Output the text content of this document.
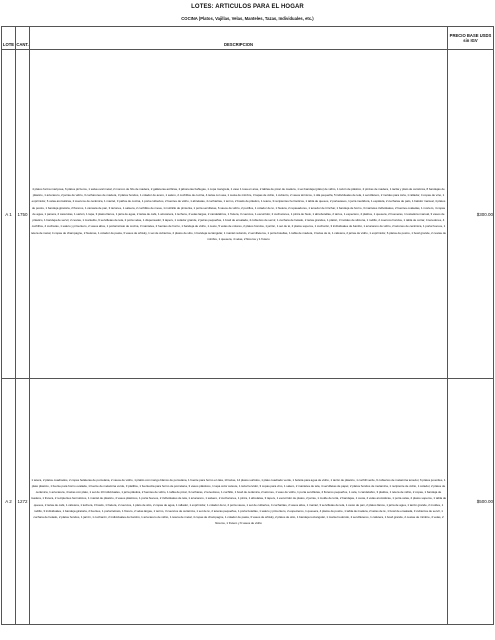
LOTES: ARTICULOS PARA EL HOGAR
COCINA (Platos, Vajillas, Velas, Manteles, Tazas, Individuales, etc.)
LOTE	CANT.	DESCRIPCION	PRECIO BASE USDS sin IGV
A 1	1750	4 platos forma mariposa, 6 platos pizzeros, 1 salsa oval metal, 2 moroco de hilo de madera, 2 galleteras acrilicas, 2 jaboneras bañugas, 1 copa mangrela, 1 vaso 1 tusa en aras, 2 tablas de picar de madera, 1 set bandeja (plato) de vidrio, 1 tazón de plástico, 2 pinzas de madera, 1 tacita y plato de cerámica, 8 bandejas de plástico, 1 azucarero, 2 jarras de vidrio, 3 cucharones de madera, 3 platos hondos, 1 colador de acero, 1 salero, 2 cuchillos de cocina, 4 tazas con asa, 1 cesta de mimbre, 3 tapas de vidrio, 1 cubierto, 2 vasos térmicos, 1 olla pequeña, 5 individuales de tela, 1 servilletero, 2 moldes para torta, 1 rallador, 4 copas de vino, 1 exprimidor, 6 velas aromáticas, 2 cuencos de cerámica, 1 mantel, 3 paños de cocina, 1 porta cubiertos, 2 fuentes de vidrio, 1 abrelatas, 4 cucharitas, 1 termo, 2 bowls de plástico, 1 tetera, 3 recipientes herméticos, 1 tabla de quesos, 2 portavasos, 1 jarra medidora, 1 espátula, 2 cucharas de palo, 1 batidor manual, 4 platos de postre, 1 bandeja giratoria, 2 floreros, 1 canasta de pan, 3 tazones, 1 salsera, 2 cuchillos de mesa, 1 molinillo de pimienta, 1 porta servilletas, 6 vasos de vidrio, 2 pocillos, 1 colador de té, 1 hielera, 2 repasadores, 1 tenedor de trinchar, 1 bandeja de horno, 3 manteles individuales, 2 fuentes ovaladas, 1 mortero, 4 copas de agua, 1 panera, 2 cacerolas, 1 sartén, 1 tapa, 3 platos llanos, 1 jarra de agua, 2 tazas de café, 1 azucarera, 1 lechera, 4 velas largas, 2 candelabros, 1 frutera, 3 cuencos, 1 escurridor, 2 cucharones, 1 pinza de hielo, 1 abrebotellas, 2 tarros, 1 especiero, 4 platitos, 1 quesera, 2 hueveras, 1 tostadora manual, 3 vasos de plástico, 1 bandeja de servir, 2 cestas, 1 mantelito, 6 servilletas de tela, 2 porta velas, 1 dispensador, 3 tapers, 1 colador grande, 2 jarras pequeñas, 1 bowl de ensalada, 4 cubiertos de servir, 1 cuchara de helado, 2 tazas grandes, 1 platón, 3 moldes de silicona, 1 rodillo, 2 cuencos hondos, 1 tabla de cortar, 4 tenedores, 4 cuchillos, 4 cucharas, 1 salero y pimentero, 2 vasos altos, 1 portarretrato de cocina, 3 manteles, 2 fuentes de horno, 1 bandeja de vidrio, 1 cesto, 5 velas de colores, 2 platos hondos, 1 jarrón, 1 set de té, 2 platos soperos, 1 cucharón, 3 individuales de bambú, 1 azucarero de vidrio, 2 tazones de cerámica, 1 porta huevos, 1 tetera de metal, 4 copas de champagne, 2 hieleras, 1 colador de pasta, 3 vasos de whisky, 1 set de cubiertos, 2 platos de sitio, 1 bandeja rectangular, 1 mantel redondo, 2 servilleteros, 1 porta botellas, 1 tabla de madera, 3 tazas de té, 1 cafetera, 2 jarras de vidrio, 1 exprimidor, 6 platos de postre, 1 bowl grande, 2 cestas de mimbre, 1 quesera, 4 velas, 2 floreros y 1 frutero	$300.00
A 2	1272	1 tetera, 2 platos cuadrados, 2 copas helaleras de porcelana, 2 vasos de vidrio, 1 platito con mango blanco de porcelana, 1 fuente para horno en lata, 10 tazas, 14 platos surtidos, 1 plato cuadrado verde, 1 bolsita para agua de vidrio, 1 tazón de plástico, 1 cuchill verde, 6 cubiertos de melamina tenedor, 6 platos juveniles, 1 plato plástico, 1 fuente para horno ovalada, 1 fuente de melamina verde, 3 platillos, 1 fuentecita para horno de porcelana, 3 vasos plásticos, 1 tapa color celeste, 1 taza hervidor, 3 copas para vino, 1 salero, 2 manteles de tela, 4 servilletas de papel, 2 platos hondos de melamina, 1 recipiente de vidrio, 1 colador, 2 platos de cerámica, 1 azucarera, 4 tazas con plato, 1 set de 10 individuales, 1 jarra plástica, 2 fuentes de vidrio, 1 tabla de picar, 3 cucharas, 2 tenedores, 1 cuchillo, 1 bowl de cerámica, 2 tazones, 1 vaso de vidrio, 1 porta servilletas, 2 floreros pequeños, 1 vela, 1 candelabro, 3 platitos, 1 tetera de vidrio, 2 copas, 1 bandeja de madera, 1 frutera, 2 recipientes herméticos, 1 mantel de plástico, 4 vasos plásticos, 1 porta huevos, 2 individuales de tela, 1 azucarero, 1 salsero, 2 cucharones, 1 pinza, 1 abrelatas, 3 tapers, 1 escurridor de platos, 2 jarras, 1 molde de torta, 2 bandejas, 1 cesta, 4 velas aromáticas, 1 porta velas, 2 platos soperos, 1 tabla de quesos, 2 tazas de café, 1 cafetera, 1 lechera, 3 bowls, 1 hielera, 2 cuencos, 1 plato de sitio, 2 copas de agua, 1 rallador, 1 exprimidor, 1 colador de té, 2 porta vasos, 1 set de cubiertos, 4 cucharitas, 2 vasos altos, 1 mantel, 3 servilletas de tela, 1 cesto de pan, 2 platos llanos, 1 jarra de agua, 1 tazón grande, 2 moldes, 1 rodillo, 3 individuales, 1 bandeja giratoria, 2 fuentes, 1 portarretrato, 1 florero, 2 velas largas, 1 termo, 3 cuencos de cerámica, 1 set de té, 2 teteras pequeñas, 1 porta botellas, 1 salero y pimentero, 2 especieros, 1 quesera, 4 platos de postre, 1 tabla de madera, 2 tazas de té, 1 bowl de ensalada, 3 cubiertos de servir, 1 cuchara de helado, 2 platos hondos, 1 jarrón, 1 cucharón, 2 individuales de bambú, 1 azucarero de vidrio, 1 tetera de metal, 4 copas de champagne, 1 colador de pasta, 3 vasos de whisky, 2 platos de sitio, 1 bandeja rectangular, 1 mantel redondo, 2 servilleteros, 1 cafetera, 1 bowl grande, 2 cestas de mimbre, 4 velas, 2 floreros, 1 frutero y 6 vasos de vidrio	$500.00
